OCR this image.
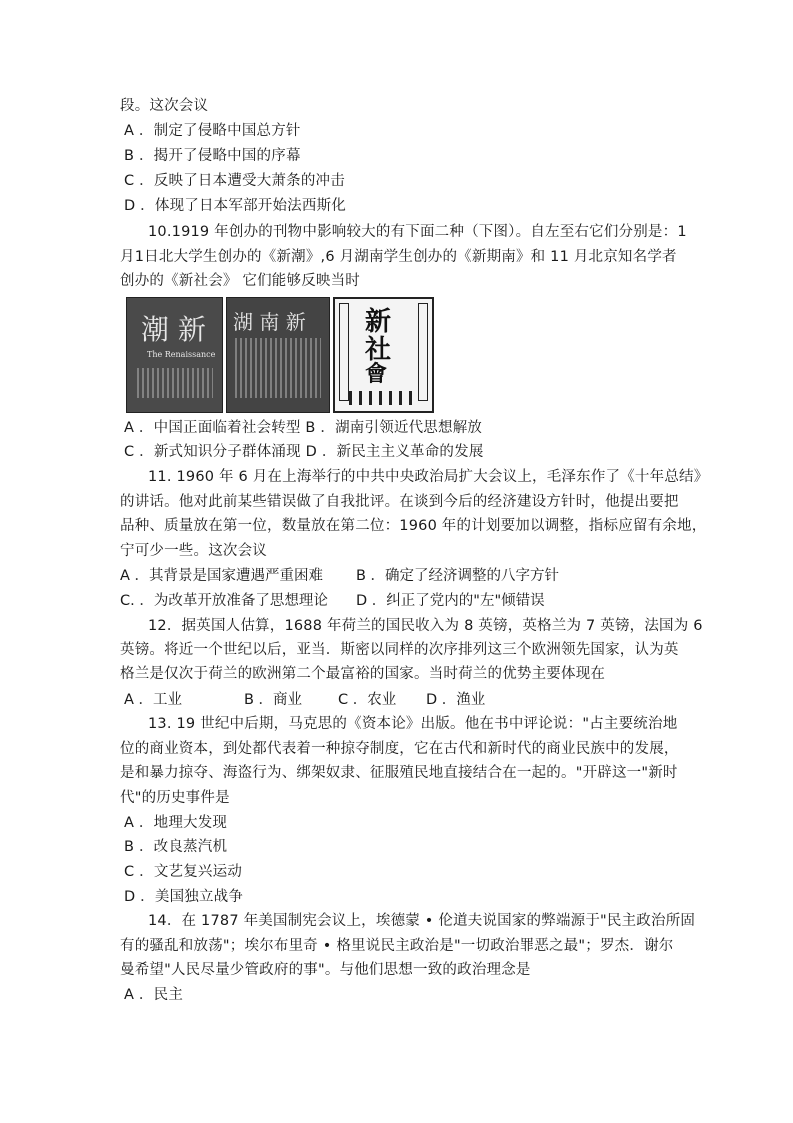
段。这次会议
A ．制定了侵略中国总方针
B ．揭开了侵略中国的序幕
C ．反映了日本遭受大萧条的冲击
D ．体现了日本军部开始法西斯化
10.1919 年创办的刊物中影响较大的有下面二种（下图）。自左至右它们分别是：1
月1日北大学生创办的《新潮》,6 月湖南学生创办的《新期南》和 11 月北京知名学者
创办的《新社会》 它们能够反映当时
潮 新
The Renaissance
湖 南 新 新
社
會
A ．中国正面临着社会转型 B ．湖南引领近代思想解放
C ．新式知识分子群体涌现 D ．新民主主义革命的发展
11. 1960 年 6 月在上海举行的中共中央政治局扩大会议上，毛泽东作了《十年总结》
的讲话。他对此前某些错误做了自我批评。在谈到今后的经济建设方针时，他提出要把
品种、质量放在第一位，数量放在第二位：1960 年的计划要加以调整，指标应留有余地，
宁可少一些。这次会议
A ．其背景是国家遭遇严重困难 B ．确定了经济调整的八字方针
C. ．为改革开放准备了思想理论 D ．纠正了党内的"左"倾错误
12．据英国人估算，1688 年荷兰的国民收入为 8 英镑，英格兰为 7 英镑，法国为 6
英镑。将近一个世纪以后，亚当．斯密以同样的次序排列这三个欧洲领先国家，认为英
格兰是仅次于荷兰的欧洲第二个最富裕的国家。当时荷兰的优势主要体现在
A ．工业	B ．商业 C ．农业 D ．渔业
13. 19 世纪中后期，马克思的《资本论》出版。他在书中评论说："占主要统治地
位的商业资本，到处都代表着一种掠夺制度，它在古代和新时代的商业民族中的发展，
是和暴力掠夺、海盗行为、绑架奴隶、征服殖民地直接结合在一起的。"开辟这一"新时
代"的历史事件是
A ．地理大发现
B ．改良蒸汽机
C ．文艺复兴运动
D ．美国独立战争
14．在 1787 年美国制宪会议上，埃德蒙 • 伦道夫说国家的弊端源于"民主政治所固
有的骚乱和放荡"；埃尔布里奇 • 格里说民主政治是"一切政治罪恶之最"；罗杰．谢尔
曼希望"人民尽量少管政府的事"。与他们思想一致的政治理念是
A ．民主
